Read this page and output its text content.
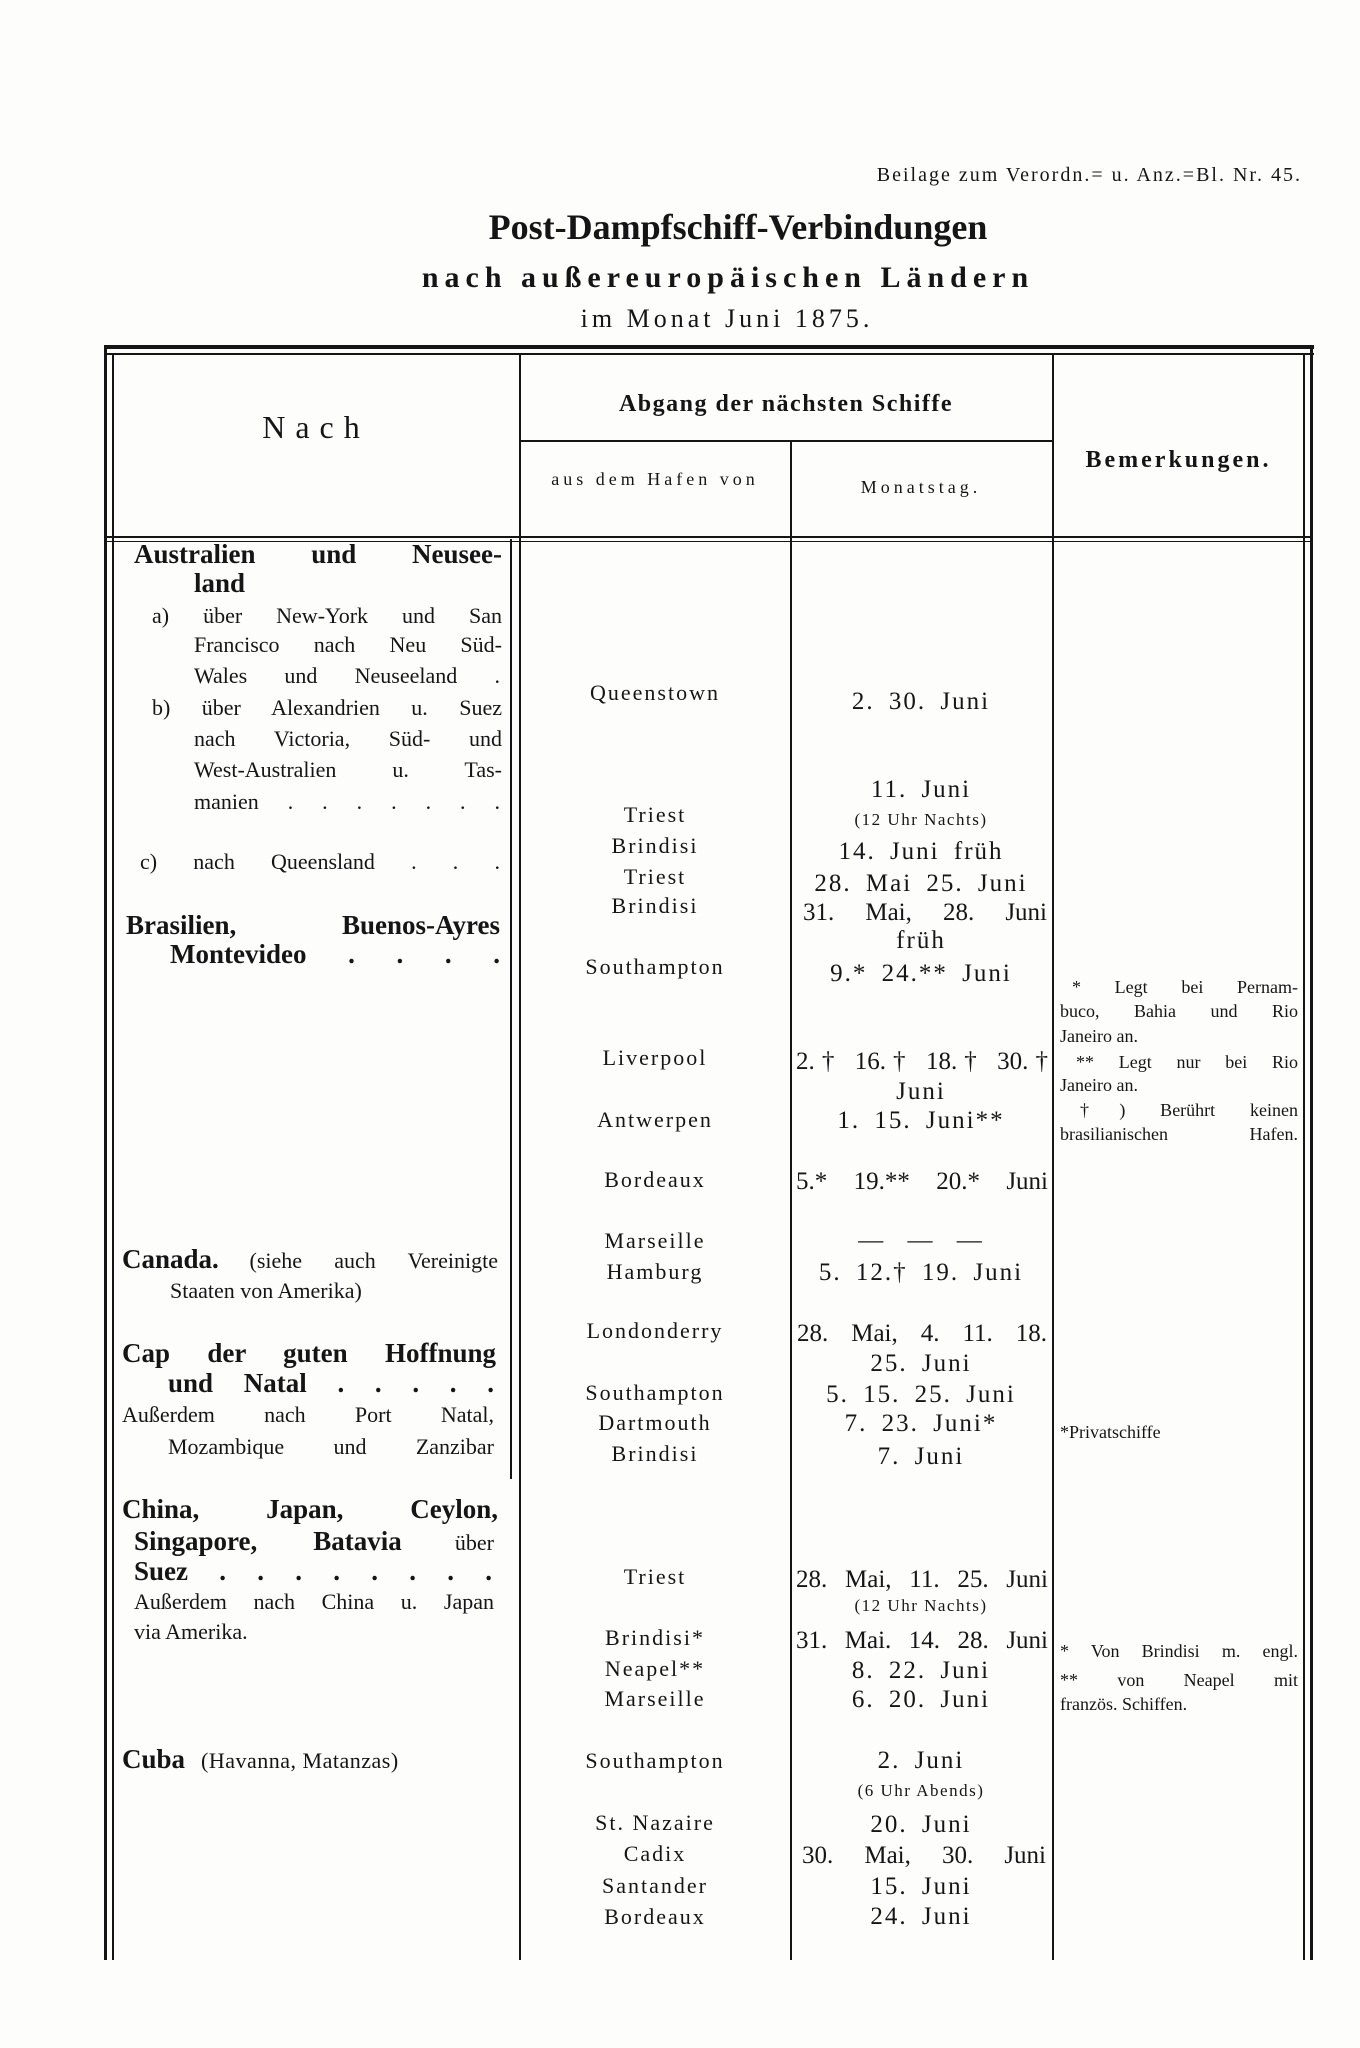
Beilage zum Verordn.= u. Anz.=Bl. Nr. 45.
Post-Dampfschiff-Verbindungen
nach außereuropäischen Ländern
im Monat Juni 1875.
Nach
Abgang der nächsten Schiffe
aus dem Hafen von	Monatstag.
Bemerkungen.
Australien und Neusee-
land
a) über New-York und San
Francisco nach Neu Süd-
Wales und Neuseeland .
b) über Alexandrien u. Suez
nach Victoria, Süd- und
West-Australien u. Tas-
manien . . . . . . .
c) nach Queensland . . .
Brasilien, Buenos-Ayres
Montevideo . . . .
Canada. (siehe auch Vereinigte
Staaten von Amerika)
Cap der guten Hoffnung
und Natal . . . . .
Außerdem nach Port Natal,
Mozambique und Zanzibar
China, Japan, Ceylon,
Singapore, Batavia über
Suez . . . . . . . .
Außerdem nach China u. Japan
via Amerika.
Cuba (Havanna, Matanzas)
Queenstown
Triest
Brindisi
Triest
Brindisi
Southampton
Liverpool
Antwerpen
Bordeaux
Marseille
Hamburg
Londonderry
Southampton
Dartmouth
Brindisi
Triest
Brindisi*
Neapel**
Marseille
Southampton
St. Nazaire
Cadix
Santander
Bordeaux
2. 30. Juni
11. Juni
(12 Uhr Nachts)
14. Juni früh
28. Mai 25. Juni
31. Mai, 28. Juni
früh
9.* 24.** Juni
2.† 16.† 18.† 30.†
Juni
1. 15. Juni**
5.* 19.** 20.* Juni
— — —
5. 12.† 19. Juni
28. Mai, 4. 11. 18.
25. Juni
5. 15. 25. Juni
7. 23. Juni*
7. Juni
28. Mai, 11. 25. Juni
(12 Uhr Nachts)
31. Mai. 14. 28. Juni
8. 22. Juni
6. 20. Juni
2. Juni
(6 Uhr Abends)
20. Juni
30. Mai, 30. Juni
15. Juni
24. Juni
* Legt bei Pernam-
buco, Bahia und Rio
Janeiro an.
** Legt nur bei Rio
Janeiro an.
†) Berührt keinen
brasilianischen Hafen.
*Privatschiffe
* Von Brindisi m. engl.
** von Neapel mit
französ. Schiffen.
